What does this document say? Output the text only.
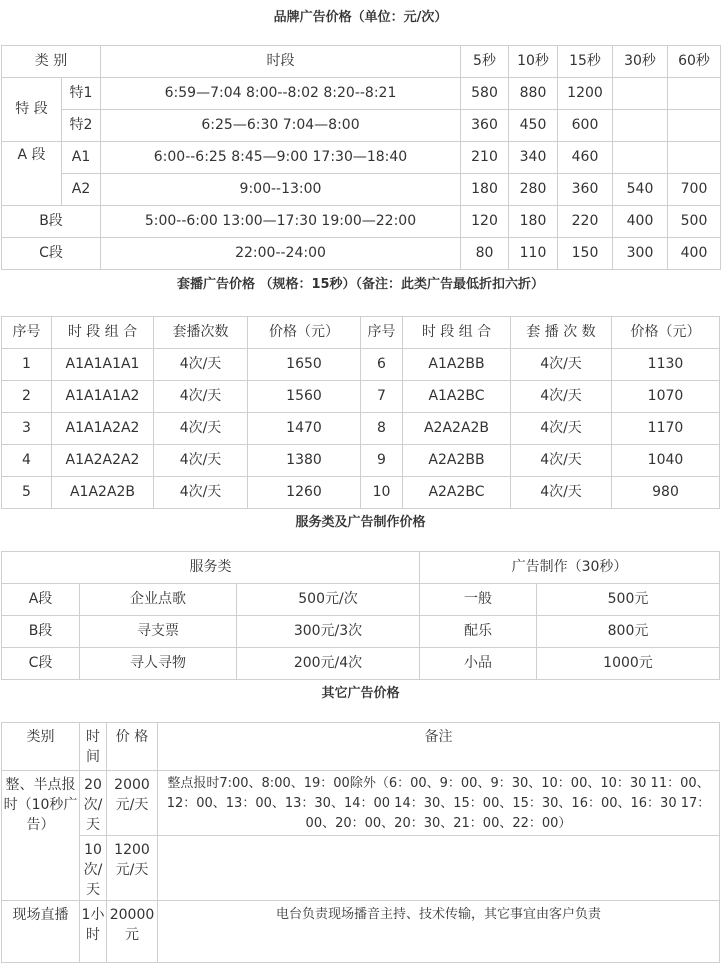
品牌广告价格（单位：元/次）
类 别		时段	5秒	10秒	15秒	30秒	60秒
特 段	特1	6:59—7:04 8:00--8:02 8:20--8:21	580	880	1200		
	特2	6:25—6:30 7:04—8:00	360	450	600		
A 段	A1	6:00--6:25 8:45—9:00 17:30—18:40	210	340	460		
	A2	9:00--13:00	180	280	360	540	700
B段		5:00--6:00 13:00—17:30 19:00—22:00	120	180	220	400	500
C段		22:00--24:00	80	110	150	300	400
套播广告价格 （规格：15秒）（备注：此类广告最低折扣六折）
序号	时 段 组 合	套播次数	价格（元）	序号	时 段 组 合	套 播 次 数	价格（元）
1	A1A1A1A1	4次/天	1650	6	A1A2BB	4次/天	1130
2	A1A1A1A2	4次/天	1560	7	A1A2BC	4次/天	1070
3	A1A1A2A2	4次/天	1470	8	A2A2A2B	4次/天	1170
4	A1A2A2A2	4次/天	1380	9	A2A2BB	4次/天	1040
5	A1A2A2B	4次/天	1260	10	A2A2BC	4次/天	980
服务类及广告制作价格
服务类			广告制作（30秒）	
A段	企业点歌	500元/次	一般	500元
B段	寻支票	300元/3次	配乐	800元
C段	寻人寻物	200元/4次	小品	1000元
其它广告价格
类别	时间	价 格	备注
整、半点报时（10秒广告）	20次/天	2000元/天	整点报时7:00、8:00、19：00除外（6：00、9：00、9：30、10：00、10：30 11：00、12：00、13：00、13：30、14：00 14：30、15：00、15：30、16：00、16：30 17：00、20：00、20：30、21：00、22：00）
	10次/天	1200元/天	
现场直播	1小时	20000元	电台负责现场播音主持、技术传输，其它事宜由客户负责
